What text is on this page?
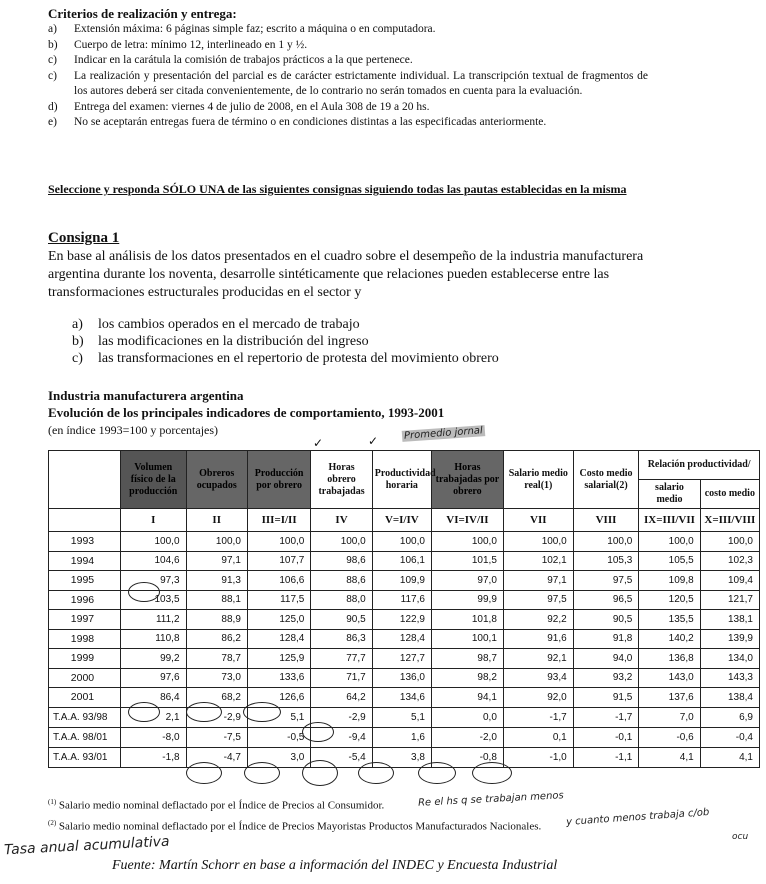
Criterios de realización y entrega:
a)	Extensión máxima: 6 páginas simple faz; escrito a máquina o en computadora.
b)	Cuerpo de letra: mínimo 12, interlineado en 1 y ½.
c)	Indicar en la carátula la comisión de trabajos prácticos a la que pertenece.
c)	La realización y presentación del parcial es de carácter estrictamente individual. La transcripción textual de fragmentos de los autores deberá ser citada convenientemente, de lo contrario no serán tomados en cuenta para la evaluación.
d)	Entrega del examen: viernes 4 de julio de 2008, en el Aula 308 de 19 a 20 hs.
e)	No se aceptarán entregas fuera de término o en condiciones distintas a las especificadas anteriormente.
Seleccione y responda SÓLO UNA de las siguientes consignas siguiendo todas las pautas establecidas en la misma
Consigna 1
En base al análisis de los datos presentados en el cuadro sobre el desempeño de la industria manufacturera argentina durante los noventa, desarrolle sintéticamente que relaciones pueden establecerse entre las transformaciones estructurales producidas en el sector y
a)	los cambios operados en el mercado de trabajo
b)	las modificaciones en la distribución del ingreso
c)	las transformaciones en el repertorio de protesta del movimiento obrero
Industria manufacturera argentina
Evolución de los principales indicadores de comportamiento, 1993-2001
(en índice 1993=100 y porcentajes)
✓	✓	Promedio jornal
	Volumen físico de la producción	Obreros ocupados	Producción por obrero	Horas obrero trabajadas	Productividad horaria	Horas trabajadas por obrero	Salario medio real(1)	Costo medio salarial(2)	Relación productividad/	
									salario medio	costo medio
	I	II	III=I/II	IV	V=I/IV	VI=IV/II	VII	VIII	IX=III/VII	X=III/VIII
1993	100,0	100,0	100,0	100,0	100,0	100,0	100,0	100,0	100,0	100,0
1994	104,6	97,1	107,7	98,6	106,1	101,5	102,1	105,3	105,5	102,3
1995	97,3	91,3	106,6	88,6	109,9	97,0	97,1	97,5	109,8	109,4
1996	103,5	88,1	117,5	88,0	117,6	99,9	97,5	96,5	120,5	121,7
1997	111,2	88,9	125,0	90,5	122,9	101,8	92,2	90,5	135,5	138,1
1998	110,8	86,2	128,4	86,3	128,4	100,1	91,6	91,8	140,2	139,9
1999	99,2	78,7	125,9	77,7	127,7	98,7	92,1	94,0	136,8	134,0
2000	97,6	73,0	133,6	71,7	136,0	98,2	93,4	93,2	143,0	143,3
2001	86,4	68,2	126,6	64,2	134,6	94,1	92,0	91,5	137,6	138,4
T.A.A. 93/98	2,1	-2,9	5,1	-2,9	5,1	0,0	-1,7	-1,7	7,0	6,9
T.A.A. 98/01	-8,0	-7,5	-0,5	-9,4	1,6	-2,0	0,1	-0,1	-0,6	-0,4
T.A.A. 93/01	-1,8	-4,7	3,0	-5,4	3,8	-0,8	-1,0	-1,1	4,1	4,1
$^{(1)}$ Salario medio nominal deflactado por el Índice de Precios al Consumidor.
$^{(2)}$ Salario medio nominal deflactado por el Índice de Precios Mayoristas Productos Manufacturados Nacionales.
Re el hs q se trabajan menos
y cuanto menos trabaja c/ob
ocu
Tasa anual acumulativa
Fuente: Martín Schorr en base a información del INDEC y Encuesta Industrial
